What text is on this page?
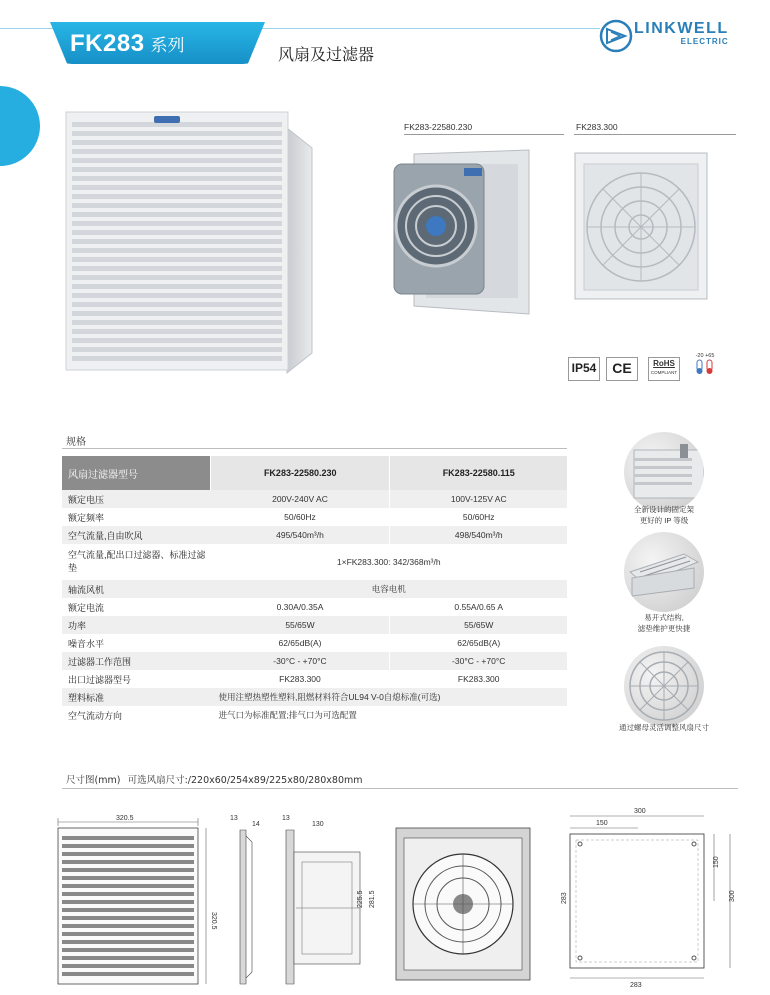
FK283 系列	风扇及过滤器
LINKWELL
ELECTRIC
FK283-22580.230	FK283.300
IP54	CE	RoHS
COMPLIANT
-20 +65
规格
风扇过滤器型号	FK283-22580.230	FK283-22580.115
额定电压	200V-240V AC	100V-125V AC
额定频率	50/60Hz	50/60Hz
空气流量,自由吹风	495/540m³/h	498/540m³/h
空气流量,配出口过滤器、标准过滤垫	1×FK283.300: 342/368m³/h	
轴流风机	电容电机	
额定电流	0.30A/0.35A	0.55A/0.65 A
功率	55/65W	55/65W
噪音水平	62/65dB(A)	62/65dB(A)
过滤器工作范围	-30°C - +70°C	-30°C - +70°C
出口过滤器型号	FK283.300	FK283.300
塑料标准	使用注塑热塑性塑料,阻燃材料符合UL94 V-0自熄标准(可选)	
空气流动方向	进气口为标准配置;排气口为可选配置	
全新设计的固定架
更好的 IP 等级
易开式结构,
滤垫维护更快捷
通过螺母灵活调整风扇尺寸
尺寸图(mm) 可选风扇尺寸:/220x60/254x89/225x80/280x80mm
320.5
320.5
13
14
13
130
225.5 281.5
300
150
150
300
283
283
